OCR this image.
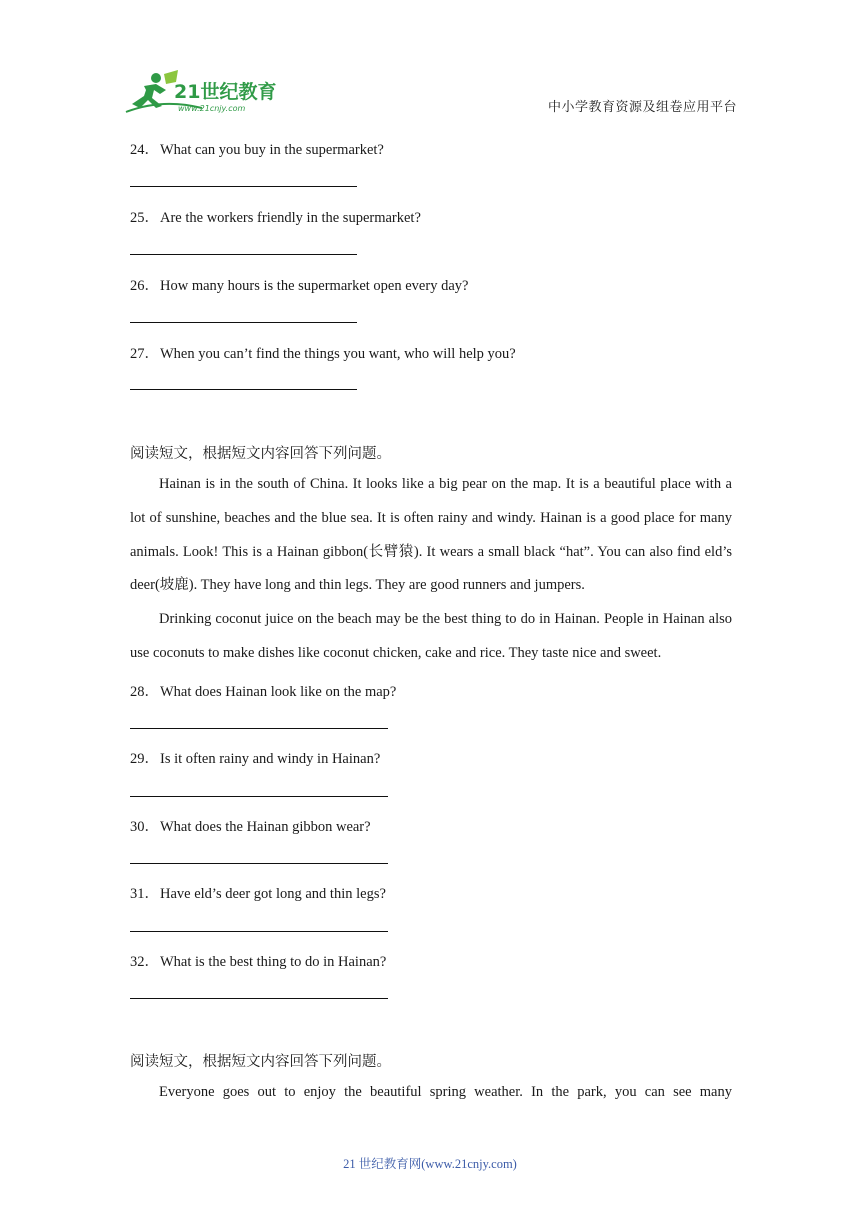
21世纪教育
www.21cnjy.com	中小学教育资源及组卷应用平台
24．What can you buy in the supermarket?
25．Are the workers friendly in the supermarket?
26．How many hours is the supermarket open every day?
27．When you can’t find the things you want, who will help you?
阅读短文，根据短文内容回答下列问题。
Hainan is in the south of China. It looks like a big pear on the map. It is a beautiful place with a lot of sunshine, beaches and the blue sea. It is often rainy and windy. Hainan is a good place for many animals. Look! This is a Hainan gibbon(长臂猿). It wears a small black “hat”. You can also find eld’s deer(坡鹿). They have long and thin legs. They are good runners and jumpers.
Drinking coconut juice on the beach may be the best thing to do in Hainan. People in Hainan also use coconuts to make dishes like coconut chicken, cake and rice. They taste nice and sweet.
28．What does Hainan look like on the map?
29．Is it often rainy and windy in Hainan?
30．What does the Hainan gibbon wear?
31．Have eld’s deer got long and thin legs?
32．What is the best thing to do in Hainan?
阅读短文，根据短文内容回答下列问题。
Everyone goes out to enjoy the beautiful spring weather. In the park, you can see many
21 世纪教育网(www.21cnjy.com)
